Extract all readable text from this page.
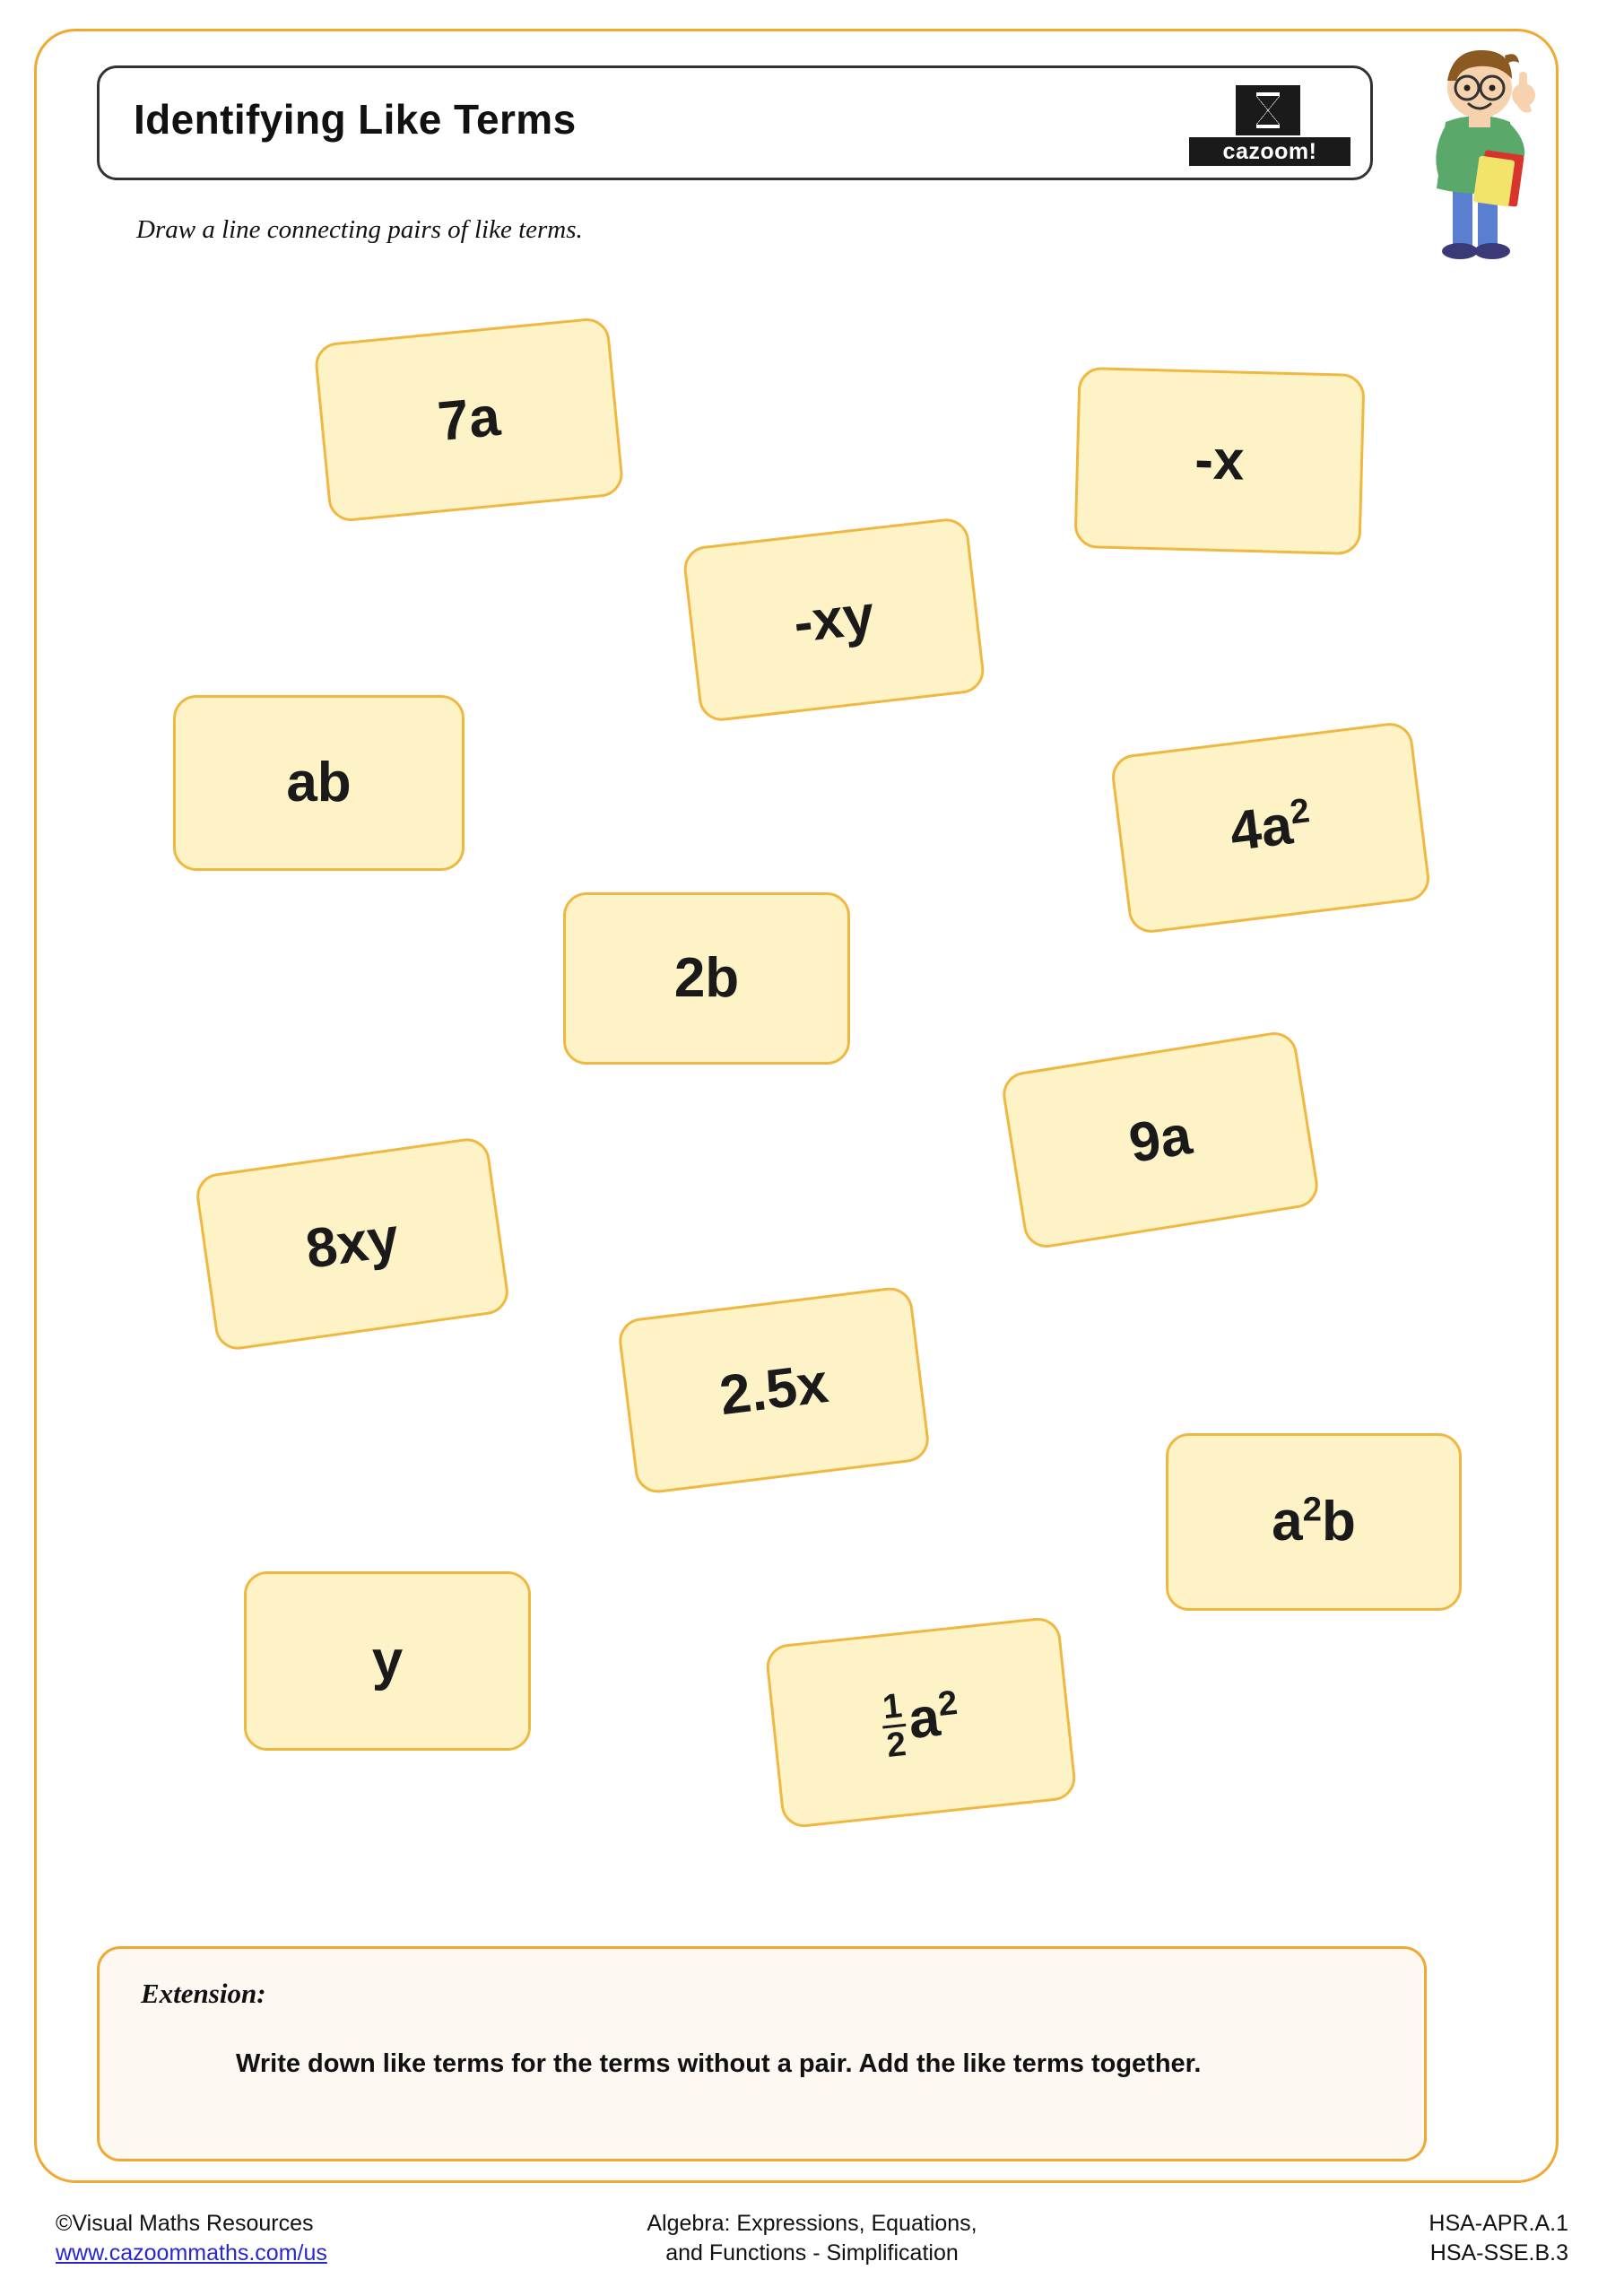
Identifying Like Terms
cazoom!
Draw a line connecting pairs of like terms.
7a
-x
-xy
ab
$4a^2$
2b
9a
8xy
2.5x
$a^2b$
y
$\frac{1}{2}$
$a^2$
Extension:
Write down like terms for the terms without a pair. Add the like terms together.
©Visual Maths Resources
www.cazoommaths.com/us
Algebra: Expressions, Equations,
and Functions - Simplification
HSA-APR.A.1
HSA-SSE.B.3
